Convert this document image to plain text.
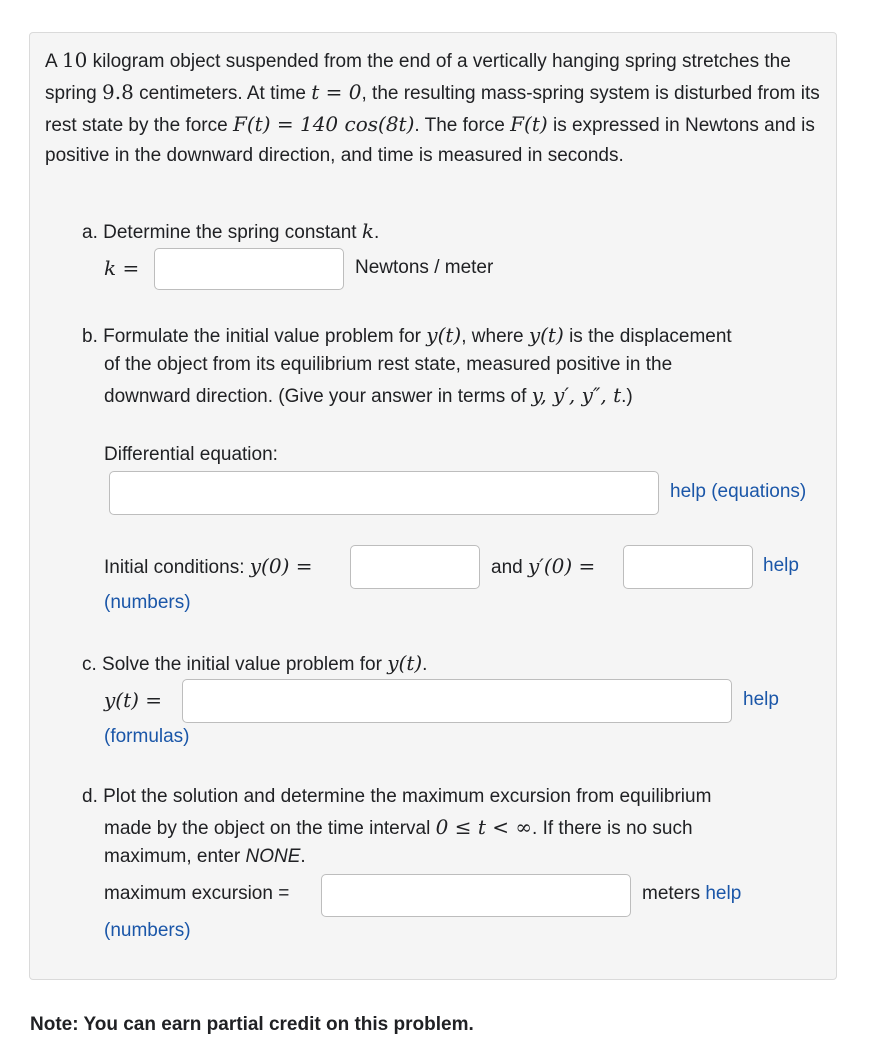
A 10 kilogram object suspended from the end of a vertically hanging spring stretches the spring 9.8 centimeters. At time t = 0, the resulting mass-spring system is disturbed from its rest state by the force F(t) = 140 cos(8t). The force F(t) is expressed in Newtons and is positive in the downward direction, and time is measured in seconds.
a. Determine the spring constant k.
k =	Newtons / meter
b. Formulate the initial value problem for y(t), where y(t) is the displacement
of the object from its equilibrium rest state, measured positive in the
downward direction. (Give your answer in terms of y, y′, y″, t.)
Differential equation:
help (equations)
Initial conditions: y(0) =	and y′(0) =	help
(numbers)
c. Solve the initial value problem for y(t).
y(t) =	help
(formulas)
d. Plot the solution and determine the maximum excursion from equilibrium
made by the object on the time interval 0 ≤ t < ∞. If there is no such
maximum, enter NONE.
maximum excursion =	meters help
(numbers)
Note: You can earn partial credit on this problem.
